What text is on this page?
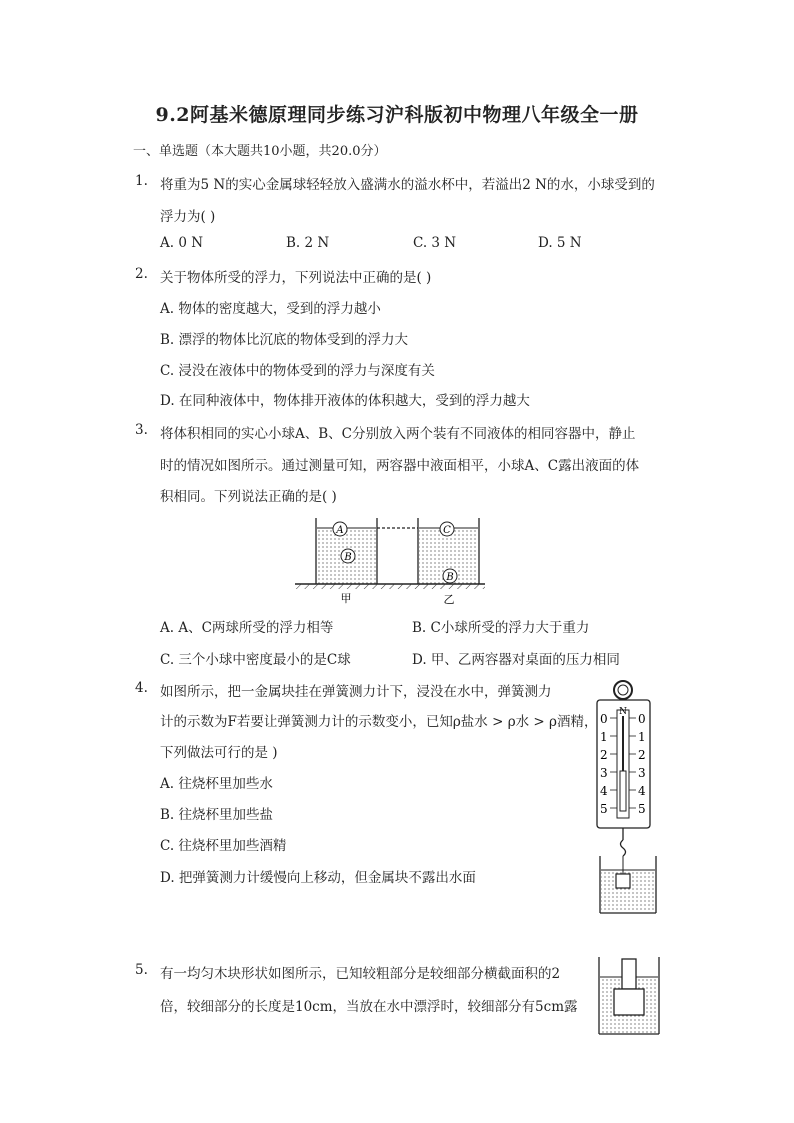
9.2阿基米德原理同步练习沪科版初中物理八年级全一册
一、单选题（本大题共10小题，共20.0分）
1. 将重为5 N的实心金属球轻轻放入盛满水的溢水杯中，若溢出2 N的水，小球受到的
浮力为( )
A. 0 N	B. 2 N	C. 3 N	D. 5 N
2. 关于物体所受的浮力，下列说法中正确的是( )
A. 物体的密度越大，受到的浮力越小
B. 漂浮的物体比沉底的物体受到的浮力大
C. 浸没在液体中的物体受到的浮力与深度有关
D. 在同种液体中，物体排开液体的体积越大，受到的浮力越大
3. 将体积相同的实心小球A、B、C分别放入两个装有不同液体的相同容器中，静止
时的情况如图所示。通过测量可知，两容器中液面相平，小球A、C露出液面的体
积相同。下列说法正确的是( )
A
B
C
B
甲	乙
A. A、C两球所受的浮力相等	B. C小球所受的浮力大于重力
C. 三个小球中密度最小的是C球	D. 甲、乙两容器对桌面的压力相同
4. 如图所示，把一金属块挂在弹簧测力计下，浸没在水中，弹簧测力
计的示数为F若要让弹簧测力计的示数变小，已知ρ盐水 > ρ水 > ρ酒精，
下列做法可行的是 )
A. 往烧杯里加些水
B. 往烧杯里加些盐
C. 往烧杯里加些酒精
D. 把弹簧测力计缓慢向上移动，但金属块不露出水面
N
0
1
2
3
4
5
0
1
2
3
4
5
5. 有一均匀木块形状如图所示，已知较粗部分是较细部分横截面积的2
倍，较细部分的长度是10cm，当放在水中漂浮时，较细部分有5cm露
